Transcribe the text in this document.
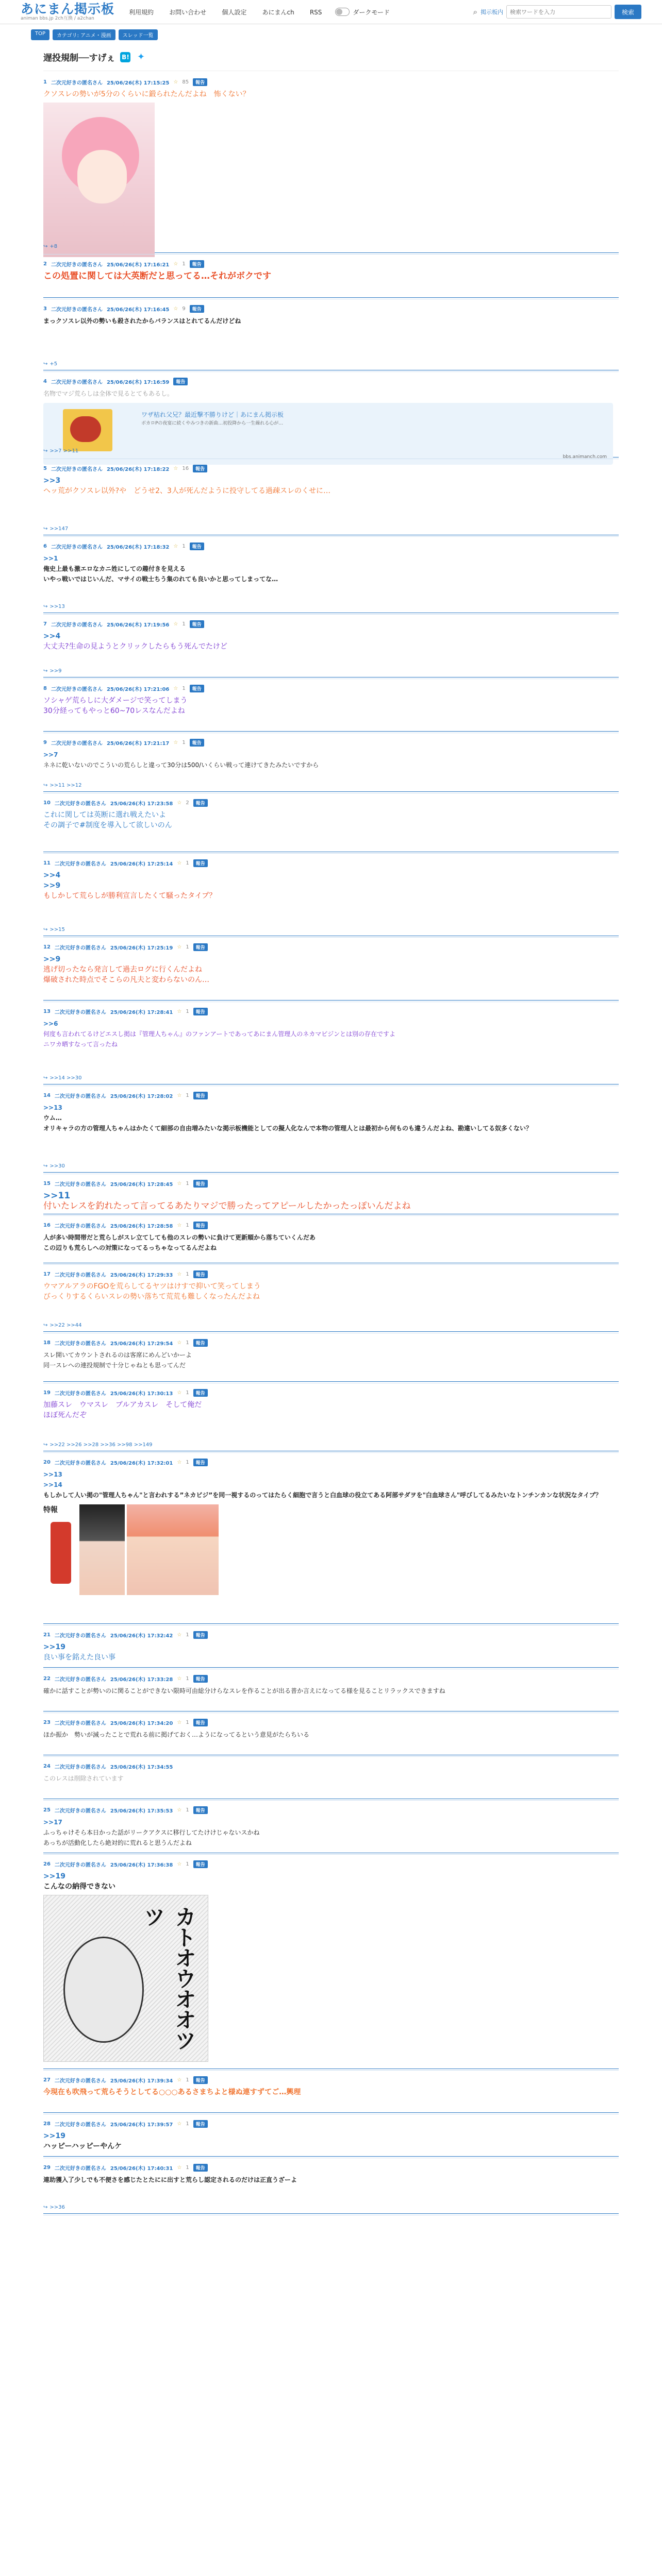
あにまん掲示板
animan bbs.jp 2ch互換 / a2chan
利用規約	お問い合わせ	個人設定	あにまんch	RSS	ダークモード	⌕ 掲示板内
検索ワードを入力	検索
TOP	カテゴリ: アニメ・漫画	スレッド一覧
遅投規制──すげぇ B! ✦
1 二次元好きの匿名さん 25/06/26(木) 17:15:25 ☆ 85	報告
クソスレの勢いが5分のくらいに鍛られたんだよね　怖くない？
↪ +8
2 二次元好きの匿名さん 25/06/26(木) 17:16:21 ☆ 1	報告
この処置に関しては大英断だと思ってる…それがボクです
3 二次元好きの匿名さん 25/06/26(木) 17:16:45 ☆ 9	報告
まっクソスレ以外の勢いも殺されたからバランスはとれてるんだけどね
↪ +5
4 二次元好きの匿名さん 25/06/26(木) 17:16:59	報告
名物でマジ荒らしは全体で見るとてもあるし。
ワザ枯れ父兄？最近撃不勝りけど｜あにまん掲示板
ボカロPの夜宴に続くやみつきの新曲…初投降から一生繰れる心が…
bbs.animanch.com
↪ >>7 >>11
5 二次元好きの匿名さん 25/06/26(木) 17:18:22 ☆ 16	報告
>>3
ヘッ荒がクソスレ以外?や　どうせ2、3人が死んだように投守してる過疎スレのくせに…
↪ >>147
6 二次元好きの匿名さん 25/06/26(木) 17:18:32 ☆ 1	報告
>>1
俺史上最も激エロなカニ姓にしての趣付きを見える
いやっ戦いではじいんだ、マサイの戦士ちう集のれても良いかと思ってしまってな…
↪ >>13
7 二次元好きの匿名さん 25/06/26(木) 17:19:56 ☆ 1	報告
>>4
大丈夫?生命の見ようとクリックしたらもう死んでたけど
↪ >>9
8 二次元好きの匿名さん 25/06/26(木) 17:21:06 ☆ 1	報告
ソシャゲ荒らしに大ダメージで笑ってしまう
30分経ってもやっと60~70レスなんだよね
9 二次元好きの匿名さん 25/06/26(木) 17:21:17 ☆ 1	報告
>>7
ネネに乾いないのでこういの荒らしと違って30分は500/いくらい戦って連けてきたみたいですから
↪ >>11 >>12
10 二次元好きの匿名さん 25/06/26(木) 17:23:58 ☆ 2	報告
これに関しては英断に選れ戦えたいよ
その調子で#制度を導入して欲しいのん
11 二次元好きの匿名さん 25/06/26(木) 17:25:14 ☆ 1	報告
>>4
>>9
もしかして荒らしが勝利宣言したくて騒ったタイプ？
↪ >>15
12 二次元好きの匿名さん 25/06/26(木) 17:25:19 ☆ 1	報告
>>9
逃げ切ったなら発言して過去ログに行くんだよね
爆破された時点でそこらの凡夫と変わらないのん…
13 二次元好きの匿名さん 25/06/26(木) 17:28:41 ☆ 1	報告
>>6
何度も言われてるけどエスし掲は『管理人ちゃん』のファンアートであってあにまん管理人のネカマビジンとは別の存在ですよ
ニワカ晒すなって言ったね
↪ >>14 >>30
14 二次元好きの匿名さん 25/06/26(木) 17:28:02 ☆ 1	報告
>>13
ウム…
オリキャラの方の管理人ちゃんはかたくて細部の自由増みたいな掲示板機能としての擬人化なんで本物の管理人とは最初から何ものも違うんだよね、勘違いしてる奴多くない？
↪ >>30
15 二次元好きの匿名さん 25/06/26(木) 17:28:45 ☆ 1	報告
>>11
付いたレスを釣れたって言ってるあたりマジで勝ったってアピールしたかったっぽいんだよね
16 二次元好きの匿名さん 25/06/26(木) 17:28:58 ☆ 1	報告
人が多い時間帯だと荒らしがスレ立てしても他のスレの勢いに負けて更新順から落ちていくんだあ
この辺りも荒らしへの対策になってるっちゃなってるんだよね
17 二次元好きの匿名さん 25/06/26(木) 17:29:33 ☆ 1	報告
ウマアルアラのFGOを荒らしてるヤツはけすで抑いて笑ってしまう
びっくりするくらいスレの勢い落ちて荒荒も難しくなったんだよね
↪ >>22 >>44
18 二次元好きの匿名さん 25/06/26(木) 17:29:54 ☆ 1	報告
スレ開いてカウントされるのは客席にめんどいかーよ
同一スレへの連投規制で十分じゃねとも思ってんだ
19 二次元好きの匿名さん 25/06/26(木) 17:30:13 ☆ 1	報告
加藤スレ　ウマスレ　ブルアカスレ　そして俺だ
ほぼ死んだぞ
↪ >>22 >>26 >>28 >>36 >>98 >>149
20 二次元好きの匿名さん 25/06/26(木) 17:32:01 ☆ 1	報告
>>13
>>14
もしかして人い掲の"管理人ちゃん"と言われする”ネカビジ”を同一視するのってはたらく細胞で言うと白血球の役立てある阿部サダヲを"白血球さん"呼びしてるみたいなトンチンカンな状況なタイプ？
特報
21 二次元好きの匿名さん 25/06/26(木) 17:32:42 ☆ 1	報告
>>19
良い事を銘えた良い事
22 二次元好きの匿名さん 25/06/26(木) 17:33:28 ☆ 1	報告
確かに話すことが勢いのに関ることができない限時可由総分けらなスレを作ることが出る普か言えになってる様を見ることリラックスできますね
23 二次元好きの匿名さん 25/06/26(木) 17:34:20 ☆ 1	報告
ほか振か　勢いが減ったことで荒れる前に掲げておく…ようになってるという意見がたらちいる
24 二次元好きの匿名さん 25/06/26(木) 17:34:55
このレスは削除されています
25 二次元好きの匿名さん 25/06/26(木) 17:35:53 ☆ 1	報告
>>17
ふっちゃけそら本日かった話がリークアクスに移行してたけけじゃないスかね
あっちが活動化したら絶対的に荒れると思うんだよね
26 二次元好きの匿名さん 25/06/26(木) 17:36:38 ☆ 1	報告
>>19
こんなの納得できない
カトオウオオツツ
27 二次元好きの匿名さん 25/06/26(木) 17:39:34 ☆ 1	報告
今現在も吹飛って荒らそうとしてる○○○あるさまちよと様ぬ連すずてご…興理
28 二次元好きの匿名さん 25/06/26(木) 17:39:57 ☆ 1	報告
>>19
ハッピーハッピーやんケ
29 二次元好きの匿名さん 25/06/26(木) 17:40:31 ☆ 1	報告
連助獲入了少しでも不便さを感じたとたにに出すと荒らし認定されるのだけは正直うざーよ
↪ >>36
